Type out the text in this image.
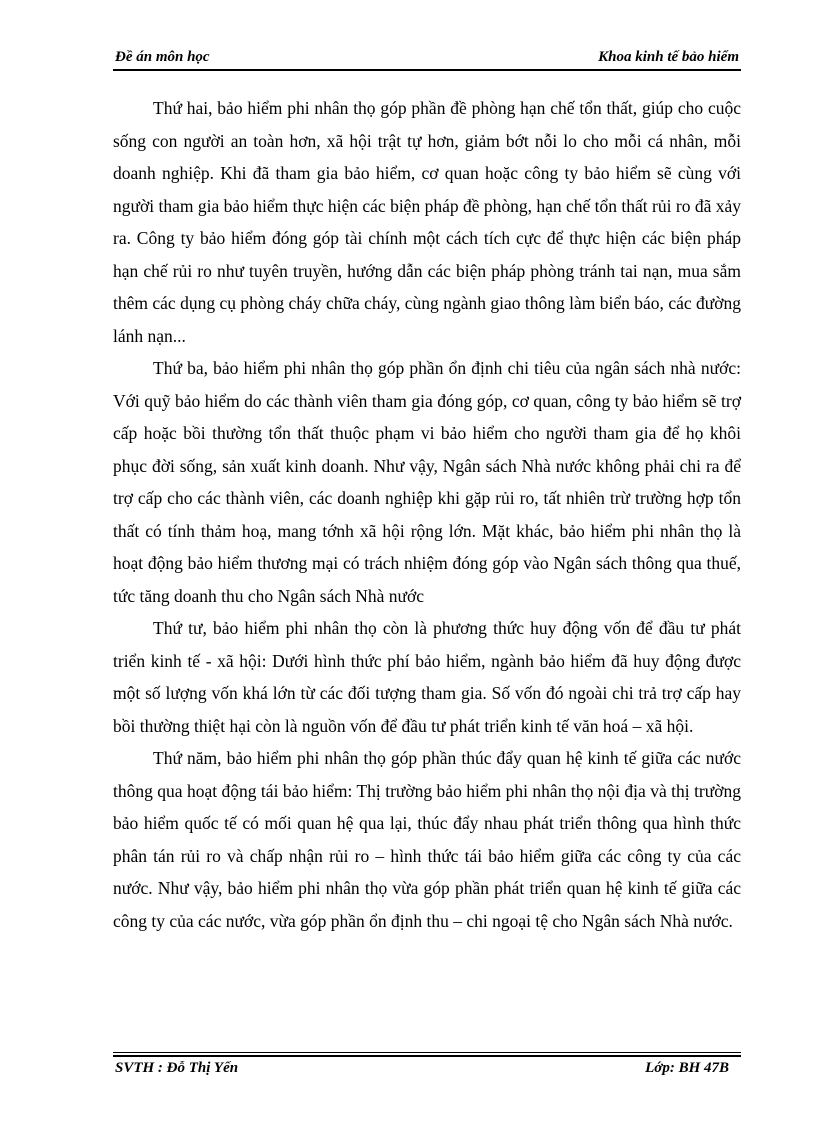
Đề án môn học	Khoa kinh tế bảo hiểm

Thứ hai, bảo hiểm phi nhân thọ góp phần đề phòng hạn chế tổn thất, giúp cho cuộc sống con người an toàn hơn, xã hội trật tự hơn, giảm bớt nỗi lo cho mỗi cá nhân, mỗi doanh nghiệp. Khi đã tham gia bảo hiểm, cơ quan hoặc công ty bảo hiểm sẽ cùng với người tham gia bảo hiểm thực hiện các biện pháp đề phòng, hạn chế tổn thất rủi ro đã xảy ra. Công ty bảo hiểm đóng góp tài chính một cách tích cực để thực hiện các biện pháp hạn chế rủi ro như tuyên truyền, hướng dẫn các biện pháp phòng tránh tai nạn, mua sắm thêm các dụng cụ phòng cháy chữa cháy, cùng ngành giao thông làm biển báo, các đường lánh nạn...

Thứ ba, bảo hiểm phi nhân thọ góp phần ổn định chi tiêu của ngân sách nhà nước: Với quỹ bảo hiểm do các thành viên tham gia đóng góp, cơ quan, công ty bảo hiểm sẽ trợ cấp hoặc bồi thường tổn thất thuộc phạm vi bảo hiểm cho người tham gia để họ khôi phục đời sống, sản xuất kinh doanh. Như vậy, Ngân sách Nhà nước không phải chi ra để trợ cấp cho các thành viên, các doanh nghiệp khi gặp rủi ro, tất nhiên trừ trường hợp tổn thất có tính thảm hoạ, mang tớnh xã hội rộng lớn. Mặt khác, bảo hiểm phi nhân thọ là hoạt động bảo hiểm thương mại có trách nhiệm đóng góp vào Ngân sách thông qua thuế, tức tăng doanh thu cho Ngân sách Nhà nước

Thứ tư, bảo hiểm phi nhân thọ còn là phương thức huy động vốn để đầu tư phát triển kinh tế - xã hội: Dưới hình thức phí bảo hiểm, ngành bảo hiểm đã huy động được một số lượng vốn khá lớn từ các đối tượng tham gia. Số vốn đó ngoài chi trả trợ cấp hay bồi thường thiệt hại còn là nguồn vốn để đầu tư phát triển kinh tế văn hoá – xã hội.

Thứ năm, bảo hiểm phi nhân thọ góp phần thúc đẩy quan hệ kinh tế giữa các nước thông qua hoạt động tái bảo hiểm: Thị trường bảo hiểm phi nhân thọ nội địa và thị trường bảo hiểm quốc tế có mối quan hệ qua lại, thúc đẩy nhau phát triển thông qua hình thức phân tán rủi ro và chấp nhận rủi ro – hình thức tái bảo hiểm giữa các công ty của các nước. Như vậy, bảo hiểm phi nhân thọ vừa góp phần phát triển quan hệ kinh tế giữa các công ty của các nước, vừa góp phần ổn định thu – chi ngoại tệ cho Ngân sách Nhà nước.

SVTH : Đỗ Thị Yến	Lớp: BH 47B
